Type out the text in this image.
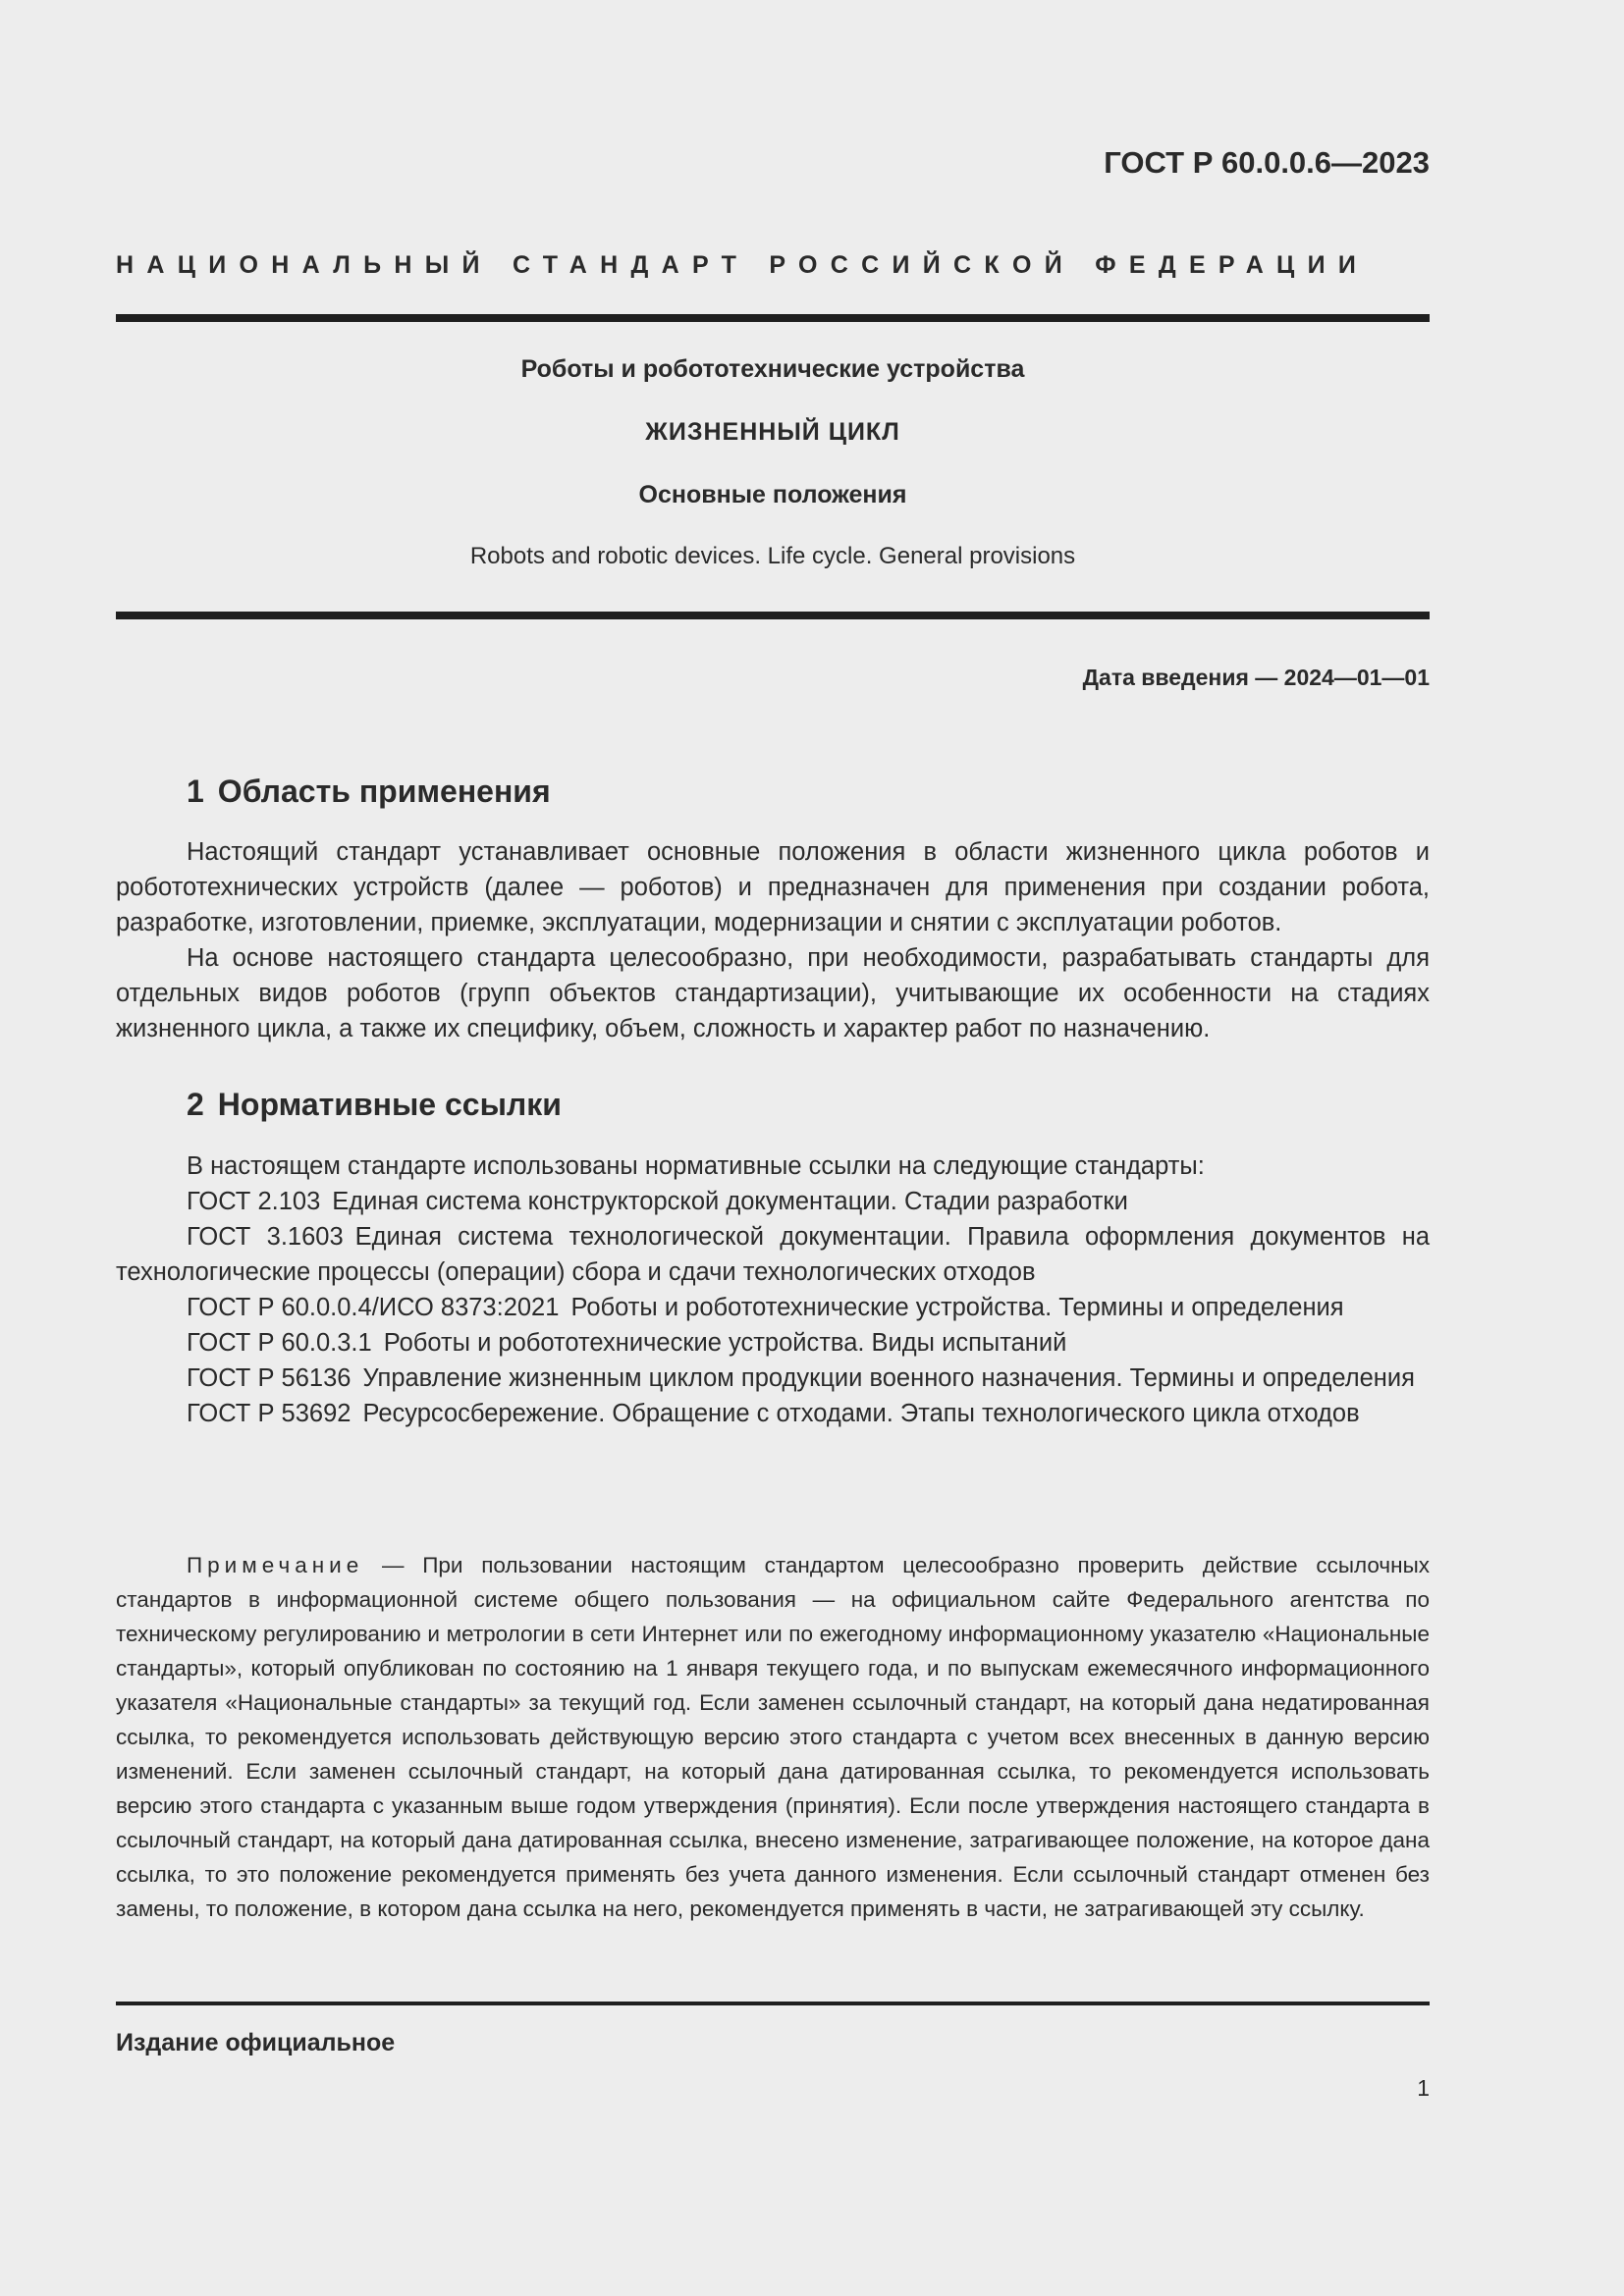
ГОСТ Р 60.0.0.6—2023
НАЦИОНАЛЬНЫЙ СТАНДАРТ РОССИЙСКОЙ ФЕДЕРАЦИИ
Роботы и робототехнические устройства
ЖИЗНЕННЫЙ ЦИКЛ
Основные положения
Robots and robotic devices. Life cycle. General provisions
Дата введения — 2024—01—01
1 Область применения

Настоящий стандарт устанавливает основные положения в области жизненного цикла роботов и робототехнических устройств (далее — роботов) и предназначен для применения при создании робота, разработке, изготовлении, приемке, эксплуатации, модернизации и снятии с эксплуатации роботов.

На основе настоящего стандарта целесообразно, при необходимости, разрабатывать стандарты для отдельных видов роботов (групп объектов стандартизации), учитывающие их особенности на стадиях жизненного цикла, а также их специфику, объем, сложность и характер работ по назначению.

2 Нормативные ссылки

В настоящем стандарте использованы нормативные ссылки на следующие стандарты:

ГОСТ 2.103 Единая система конструкторской документации. Стадии разработки

ГОСТ 3.1603 Единая система технологической документации. Правила оформления документов на технологические процессы (операции) сбора и сдачи технологических отходов

ГОСТ Р 60.0.0.4/ИСО 8373:2021 Роботы и робототехнические устройства. Термины и определения

ГОСТ Р 60.0.3.1 Роботы и робототехнические устройства. Виды испытаний

ГОСТ Р 56136 Управление жизненным циклом продукции военного назначения. Термины и определения

ГОСТ Р 53692 Ресурсосбережение. Обращение с отходами. Этапы технологического цикла отходов

Примечание — При пользовании настоящим стандартом целесообразно проверить действие ссылочных стандартов в информационной системе общего пользования — на официальном сайте Федерального агентства по техническому регулированию и метрологии в сети Интернет или по ежегодному информационному указателю «Национальные стандарты», который опубликован по состоянию на 1 января текущего года, и по выпускам ежемесячного информационного указателя «Национальные стандарты» за текущий год. Если заменен ссылочный стандарт, на который дана недатированная ссылка, то рекомендуется использовать действующую версию этого стандарта с учетом всех внесенных в данную версию изменений. Если заменен ссылочный стандарт, на который дана датированная ссылка, то рекомендуется использовать версию этого стандарта с указанным выше годом утверждения (принятия). Если после утверждения настоящего стандарта в ссылочный стандарт, на который дана датированная ссылка, внесено изменение, затрагивающее положение, на которое дана ссылка, то это положение рекомендуется применять без учета данного изменения. Если ссылочный стандарт отменен без замены, то положение, в котором дана ссылка на него, рекомендуется применять в части, не затрагивающей эту ссылку.

Издание официальное
1
